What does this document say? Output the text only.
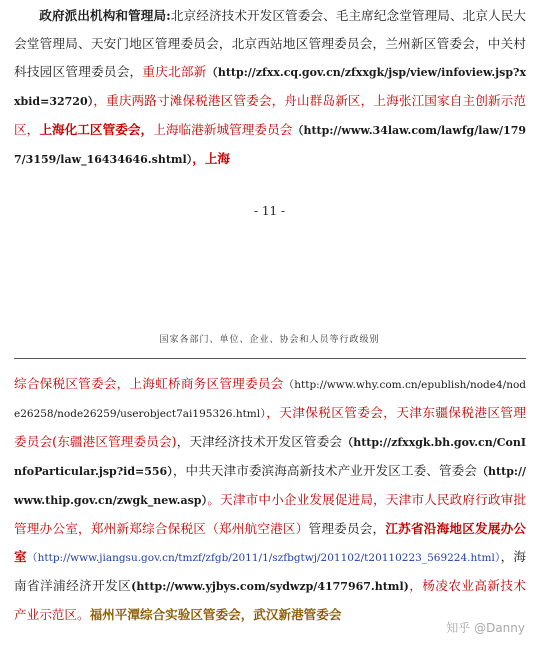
  政府派出机构和管理局:北京经济技术开发区管委会、毛主席纪念堂管理局、北京人民大会堂管理局、天安门地区管理委员会，北京西站地区管理委员会，兰州新区管委会，中关村科技园区管理委员会，重庆北部新（http://zfxx.cq.gov.cn/zfxxgk/jsp/view/infoview.jsp?xxbid=32720），重庆两路寸滩保税港区管委会，舟山群岛新区，上海张江国家自主创新示范区，上海化工区管委会，上海临港新城管理委员会（http://www.34law.com/lawfg/law/1797/3159/law_16434646.shtml），上海

- 11 -
国家各部门、单位、企业、协会和人员等行政级别

综合保税区管委会，上海虹桥商务区管理委员会（http://www.why.com.cn/epublish/node4/node26258/node26259/userobject7ai195326.html），天津保税区管委会，天津东疆保税港区管理委员会(东疆港区管理委员会)，天津经济技术开发区管委会（http://zfxxgk.bh.gov.cn/ConInfoParticular.jsp?id=556），中共天津市委滨海高新技术产业开发区工委、管委会（http://www.thip.gov.cn/zwgk_new.asp）。天津市中小企业发展促进局，天津市人民政府行政审批管理办公室，郑州新郑综合保税区（郑州航空港区）管理委员会，江苏省沿海地区发展办公室（http://www.jiangsu.gov.cn/tmzf/zfgb/2011/1/szfbgtwj/201102/t20110223_569224.html），海南省洋浦经济开发区(http://www.yjbys.com/sydwzp/4177967.html)，杨凌农业高新技术产业示范区。福州平潭综合实验区管委会，武汉新港管委会

知乎 @Danny
